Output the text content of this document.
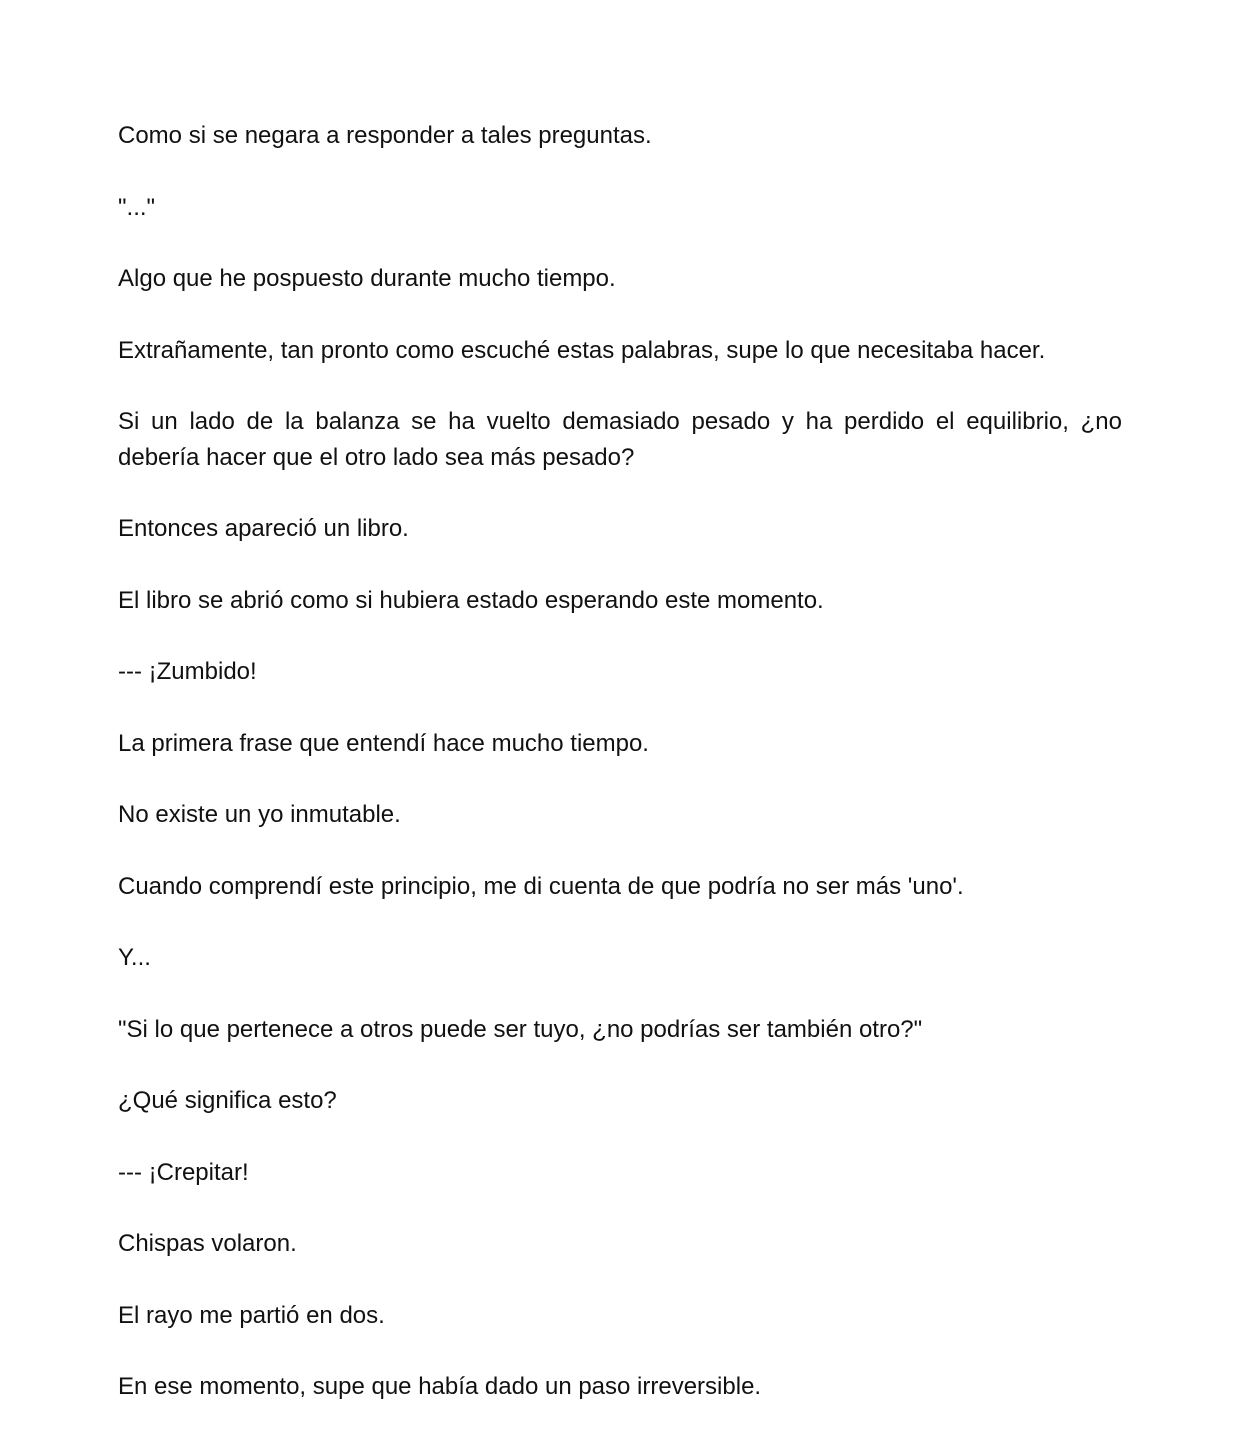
Como si se negara a responder a tales preguntas.

"..."

Algo que he pospuesto durante mucho tiempo.

Extrañamente, tan pronto como escuché estas palabras, supe lo que necesitaba hacer.

Si un lado de la balanza se ha vuelto demasiado pesado y ha perdido el equilibrio, ¿no debería hacer que el otro lado sea más pesado?

Entonces apareció un libro.

El libro se abrió como si hubiera estado esperando este momento.

--- ¡Zumbido!

La primera frase que entendí hace mucho tiempo.

No existe un yo inmutable.

Cuando comprendí este principio, me di cuenta de que podría no ser más 'uno'.

Y...

"Si lo que pertenece a otros puede ser tuyo, ¿no podrías ser también otro?"

¿Qué significa esto?

--- ¡Crepitar!

Chispas volaron.

El rayo me partió en dos.

En ese momento, supe que había dado un paso irreversible.
